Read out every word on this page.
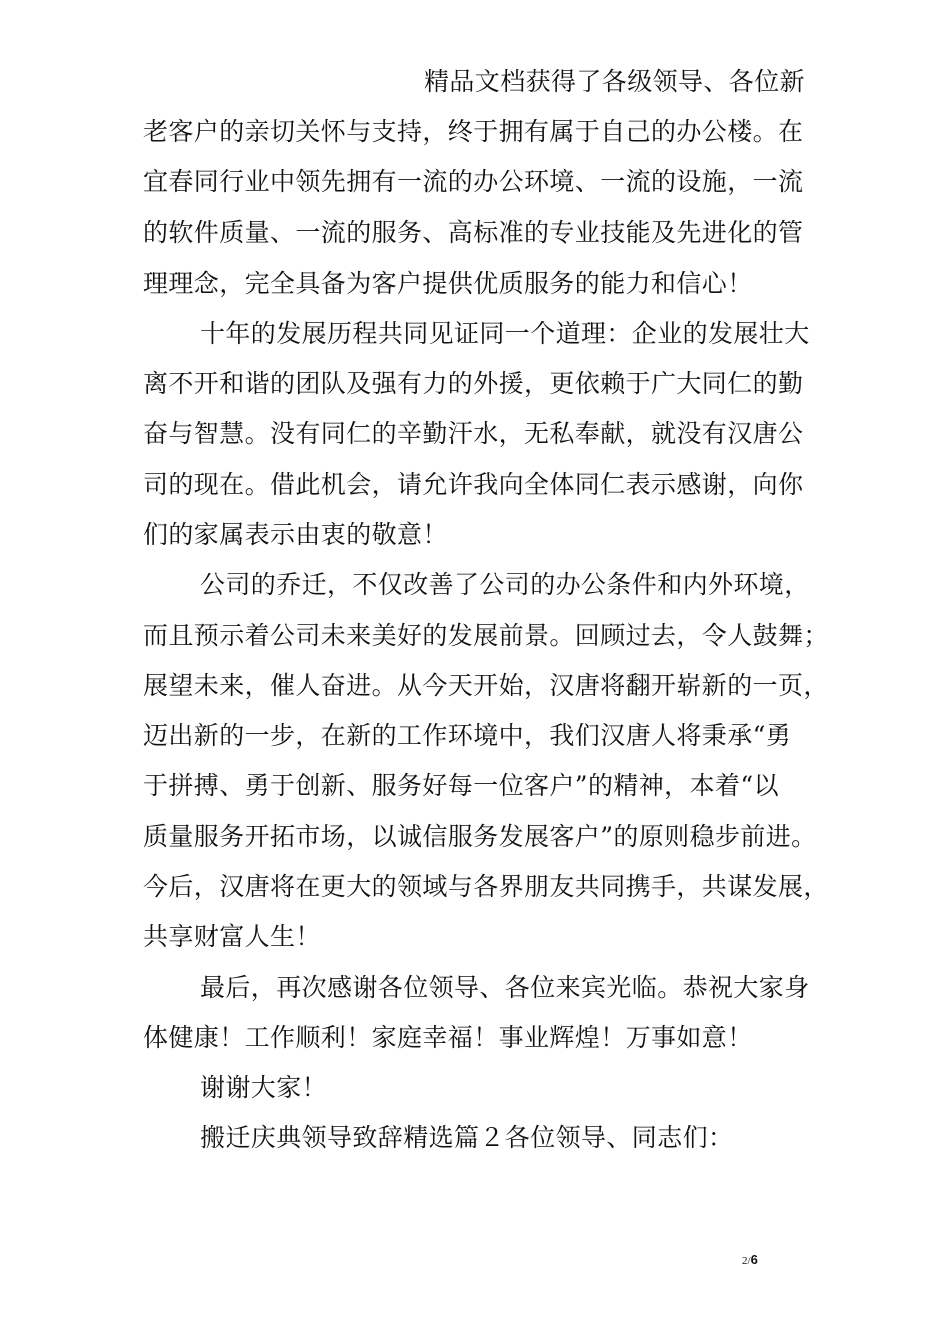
精品文档获得了各级领导、各位新
老客户的亲切关怀与支持，终于拥有属于自己的办公楼。在
宜春同行业中领先拥有一流的办公环境、一流的设施，一流
的软件质量、一流的服务、高标准的专业技能及先进化的管
理理念，完全具备为客户提供优质服务的能力和信心！
十年的发展历程共同见证同一个道理：企业的发展壮大
离不开和谐的团队及强有力的外援，更依赖于广大同仁的勤
奋与智慧。没有同仁的辛勤汗水，无私奉献，就没有汉唐公
司的现在。借此机会，请允许我向全体同仁表示感谢，向你
们的家属表示由衷的敬意！
公司的乔迁，不仅改善了公司的办公条件和内外环境，
而且预示着公司未来美好的发展前景。回顾过去，令人鼓舞；
展望未来，催人奋进。从今天开始，汉唐将翻开崭新的一页，
迈出新的一步，在新的工作环境中，我们汉唐人将秉承“勇
于拼搏、勇于创新、服务好每一位客户”的精神，本着“以
质量服务开拓市场，以诚信服务发展客户”的原则稳步前进。
今后，汉唐将在更大的领域与各界朋友共同携手，共谋发展，
共享财富人生！
最后，再次感谢各位领导、各位来宾光临。恭祝大家身
体健康！工作顺利！家庭幸福！事业辉煌！万事如意！
谢谢大家！
搬迁庆典领导致辞精选篇２各位领导、同志们：
2/6
